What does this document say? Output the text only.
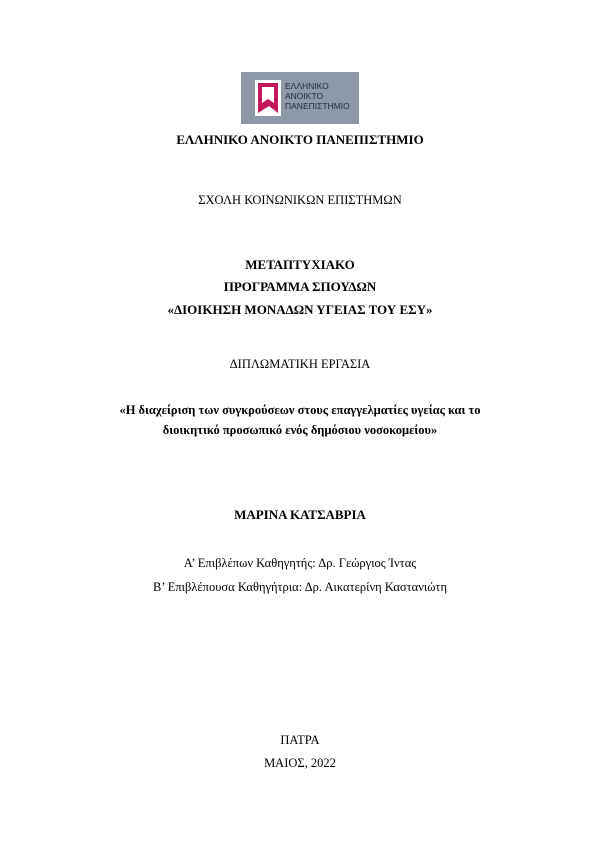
ΕΛΛΗΝΙΚΟ
ΑΝΟΙΚΤΟ
ΠΑΝΕΠΙΣΤΗΜΙΟ
ΕΛΛΗΝΙΚΟ ΑΝΟΙΚΤΟ ΠΑΝΕΠΙΣΤΗΜΙΟ
ΣΧΟΛΗ ΚΟΙΝΩΝΙΚΩΝ ΕΠΙΣΤΗΜΩΝ
ΜΕΤΑΠΤΥΧΙΑΚΟ
ΠΡΟΓΡΑΜΜΑ ΣΠΟΥΔΩΝ
«ΔΙΟΙΚΗΣΗ ΜΟΝΑΔΩΝ ΥΓΕΙΑΣ ΤΟΥ ΕΣΥ»
ΔΙΠΛΩΜΑΤΙΚΗ ΕΡΓΑΣΙΑ
«Η διαχείριση των συγκρούσεων στους επαγγελματίες υγείας και το
διοικητικό προσωπικό ενός δημόσιου νοσοκομείου»
ΜΑΡΙΝΑ ΚΑΤΣΑΒΡΙΑ
Α’ Επιβλέπων Καθηγητής: Δρ. Γεώργιος Ίντας
Β’ Επιβλέπουσα Καθηγήτρια: Δρ. Αικατερίνη Καστανιώτη
ΠΑΤΡΑ
ΜΑΙΟΣ, 2022
